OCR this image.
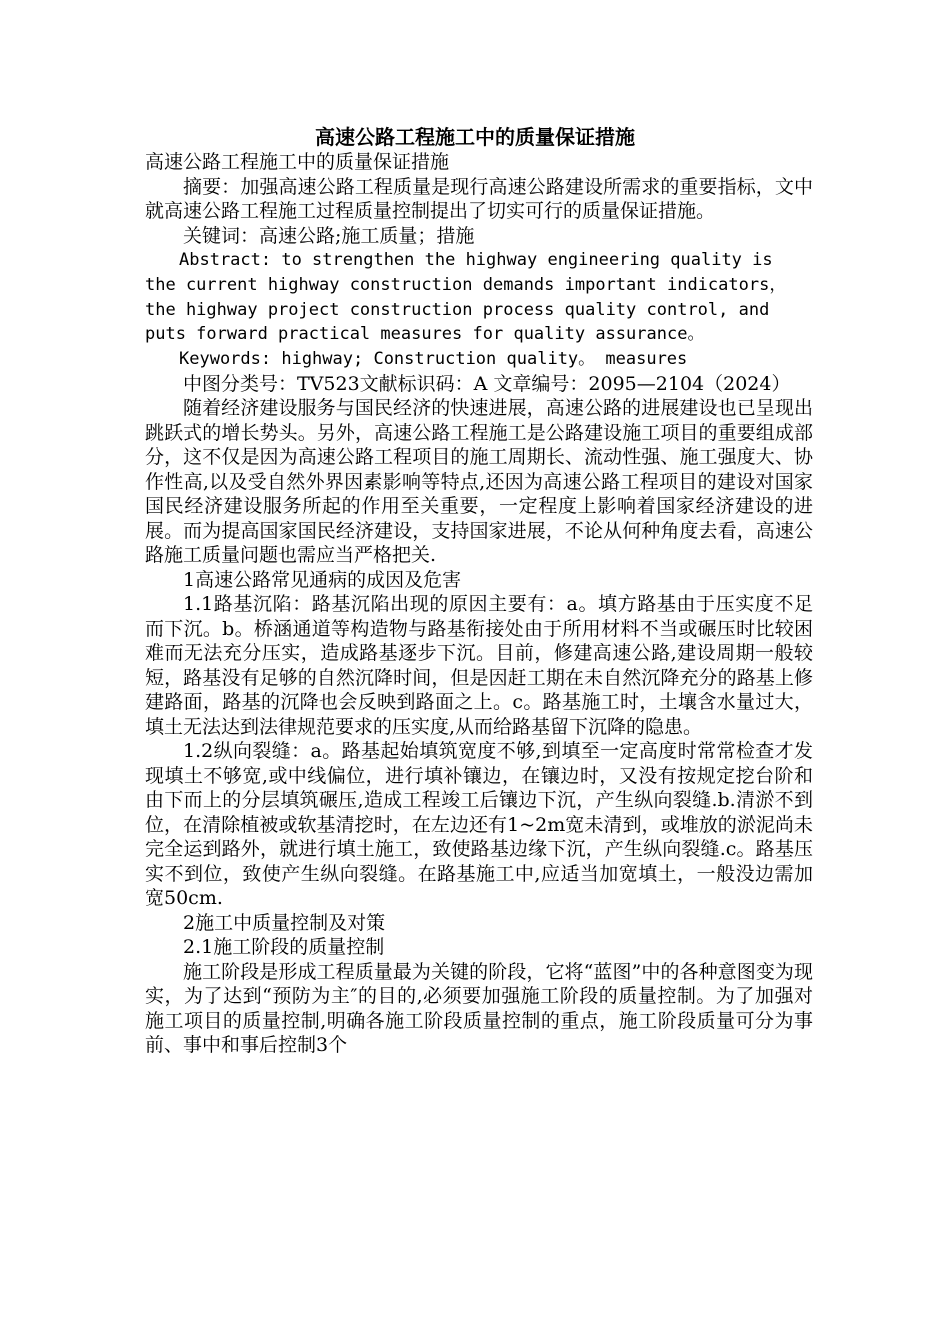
高速公路工程施工中的质量保证措施

高速公路工程施工中的质量保证措施

摘要：加强高速公路工程质量是现行高速公路建设所需求的重要指标，文中就高速公路工程施工过程质量控制提出了切实可行的质量保证措施。

关键词：高速公路;施工质量；措施

Abstract: to strengthen the highway engineering quality is the current highway construction demands important indicators， the highway project construction process quality control, and puts forward practical measures for quality assurance。

Keywords: highway; Construction quality。 measures

中图分类号：TV523文献标识码：A 文章编号：2095—2104（2024）

随着经济建设服务与国民经济的快速进展，高速公路的进展建设也已呈现出跳跃式的增长势头。另外，高速公路工程施工是公路建设施工项目的重要组成部分，这不仅是因为高速公路工程项目的施工周期长、流动性强、施工强度大、协作性高,以及受自然外界因素影响等特点,还因为高速公路工程项目的建设对国家国民经济建设服务所起的作用至关重要，一定程度上影响着国家经济建设的进展。而为提高国家国民经济建设，支持国家进展，不论从何种角度去看，高速公路施工质量问题也需应当严格把关.

1高速公路常见通病的成因及危害

1.1路基沉陷：路基沉陷出现的原因主要有：a。填方路基由于压实度不足而下沉。b。桥涵通道等构造物与路基衔接处由于所用材料不当或碾压时比较困难而无法充分压实，造成路基逐步下沉。目前，修建高速公路,建设周期一般较短，路基没有足够的自然沉降时间，但是因赶工期在未自然沉降充分的路基上修建路面，路基的沉降也会反映到路面之上。c。路基施工时，土壤含水量过大，填土无法达到法律规范要求的压实度,从而给路基留下沉降的隐患。

1.2纵向裂缝：a。路基起始填筑宽度不够,到填至一定高度时常常检查才发现填土不够宽,或中线偏位，进行填补镶边，在镶边时，又没有按规定挖台阶和由下而上的分层填筑碾压,造成工程竣工后镶边下沉，产生纵向裂缝.b.清淤不到位，在清除植被或软基清挖时，在左边还有1~2m宽未清到，或堆放的淤泥尚未完全运到路外，就进行填土施工，致使路基边缘下沉，产生纵向裂缝.c。路基压实不到位，致使产生纵向裂缝。在路基施工中,应适当加宽填土，一般没边需加宽50cm.

2施工中质量控制及对策

2.1施工阶段的质量控制

施工阶段是形成工程质量最为关键的阶段，它将“蓝图”中的各种意图变为现实，为了达到“预防为主″的目的,必须要加强施工阶段的质量控制。为了加强对施工项目的质量控制,明确各施工阶段质量控制的重点，施工阶段质量可分为事前、事中和事后控制3个
